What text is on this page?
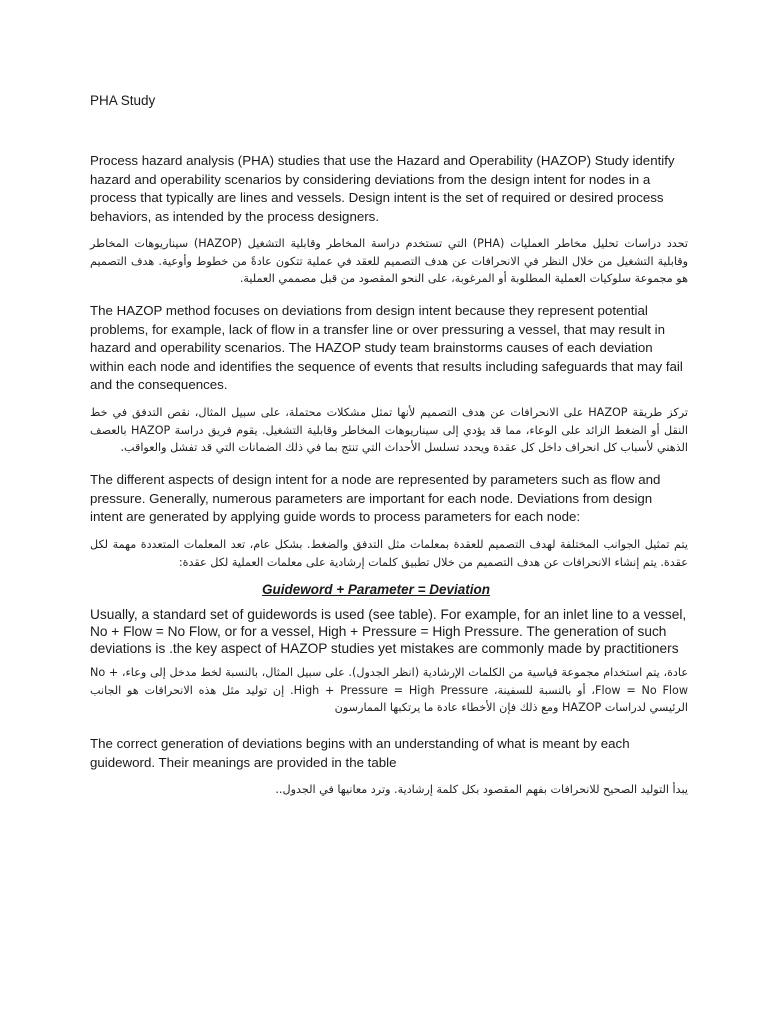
PHA Study

Process hazard analysis (PHA) studies that use the Hazard and Operability (HAZOP) Study identify hazard and operability scenarios by considering deviations from the design intent for nodes in a process that typically are lines and vessels. Design intent is the set of required or desired process behaviors, as intended by the process designers.

تحدد دراسات تحليل مخاطر العمليات (PHA) التي تستخدم دراسة المخاطر وقابلية التشغيل (HAZOP) سيناريوهات المخاطر وقابلية التشغيل من خلال النظر في الانحرافات عن هدف التصميم للعقد في عملية تتكون عادةً من خطوط وأوعية. هدف التصميم هو مجموعة سلوكيات العملية المطلوبة أو المرغوبة، على النحو المقصود من قبل مصممي العملية.

The HAZOP method focuses on deviations from design intent because they represent potential problems, for example, lack of flow in a transfer line or over pressuring a vessel, that may result in hazard and operability scenarios. The HAZOP study team brainstorms causes of each deviation within each node and identifies the sequence of events that results including safeguards that may fail and the consequences.

تركز طريقة HAZOP على الانحرافات عن هدف التصميم لأنها تمثل مشكلات محتملة، على سبيل المثال، نقص التدفق في خط النقل أو الضغط الزائد على الوعاء، مما قد يؤدي إلى سيناريوهات المخاطر وقابلية التشغيل. يقوم فريق دراسة HAZOP بالعصف الذهني لأسباب كل انحراف داخل كل عقدة ويحدد تسلسل الأحداث التي تنتج بما في ذلك الضمانات التي قد تفشل والعواقب.

The different aspects of design intent for a node are represented by parameters such as flow and pressure. Generally, numerous parameters are important for each node. Deviations from design intent are generated by applying guide words to process parameters for each node:

يتم تمثيل الجوانب المختلفة لهدف التصميم للعقدة بمعلمات مثل التدفق والضغط. بشكل عام، تعد المعلمات المتعددة مهمة لكل عقدة. يتم إنشاء الانحرافات عن هدف التصميم من خلال تطبيق كلمات إرشادية على معلمات العملية لكل عقدة:

Guideword + Parameter = Deviation

Usually, a standard set of guidewords is used (see table). For example, for an inlet line to a vessel, No + Flow = No Flow, or for a vessel, High + Pressure = High Pressure. The generation of such deviations is .the key aspect of HAZOP studies yet mistakes are commonly made by practitioners

عادة، يتم استخدام مجموعة قياسية من الكلمات الإرشادية (انظر الجدول). على سبيل المثال، بالنسبة لخط مدخل إلى وعاء، No + Flow = No Flow، أو بالنسبة للسفينة، High + Pressure = High Pressure. إن توليد مثل هذه الانحرافات هو الجانب الرئيسي لدراسات HAZOP ومع ذلك فإن الأخطاء عادة ما يرتكبها الممارسون

The correct generation of deviations begins with an understanding of what is meant by each guideword. Their meanings are provided in the table

يبدأ التوليد الصحيح للانحرافات بفهم المقصود بكل كلمة إرشادية. وترد معانيها في الجدول..
